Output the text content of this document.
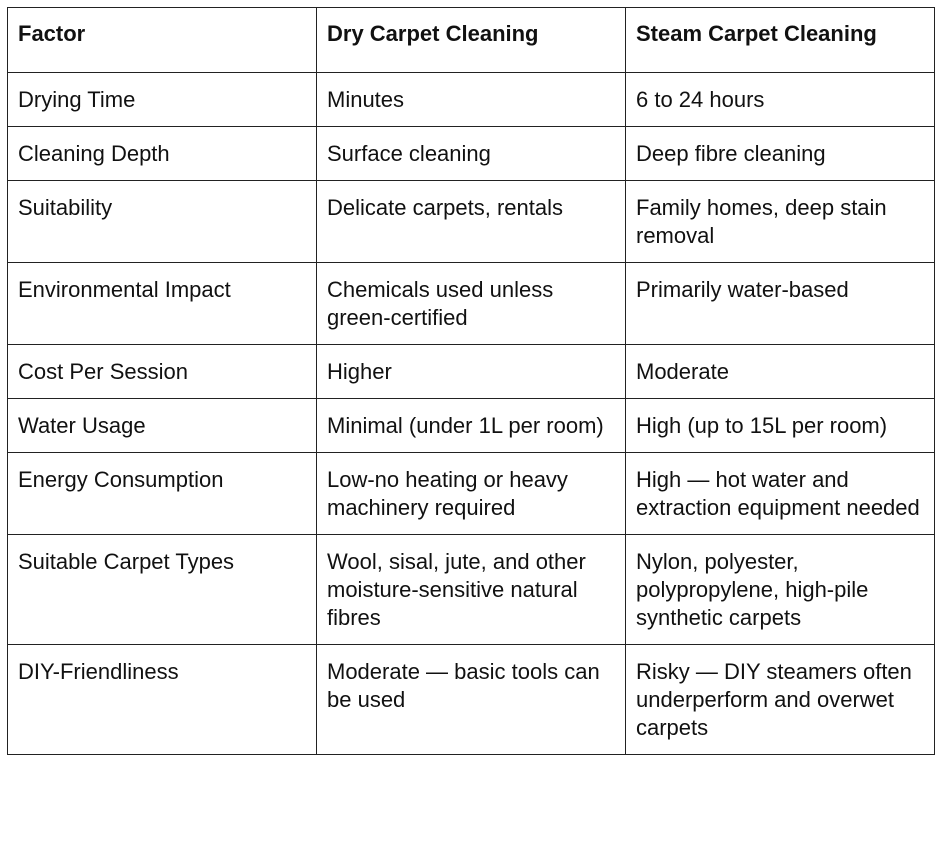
Factor	Dry Carpet Cleaning	Steam Carpet Cleaning
Drying Time	Minutes	6 to 24 hours
Cleaning Depth	Surface cleaning	Deep fibre cleaning
Suitability	Delicate carpets, rentals	Family homes, deep stain removal
Environmental Impact	Chemicals used unless green-certified	Primarily water-based
Cost Per Session	Higher	Moderate
Water Usage	Minimal (under 1L per room)	High (up to 15L per room)
Energy Consumption	Low-no heating or heavy machinery required	High — hot water and extraction equipment needed
Suitable Carpet Types	Wool, sisal, jute, and other moisture-sensitive natural fibres	Nylon, polyester, polypropylene, high-pile synthetic carpets
DIY-Friendliness	Moderate — basic tools can be used	Risky — DIY steamers often underperform and overwet carpets
